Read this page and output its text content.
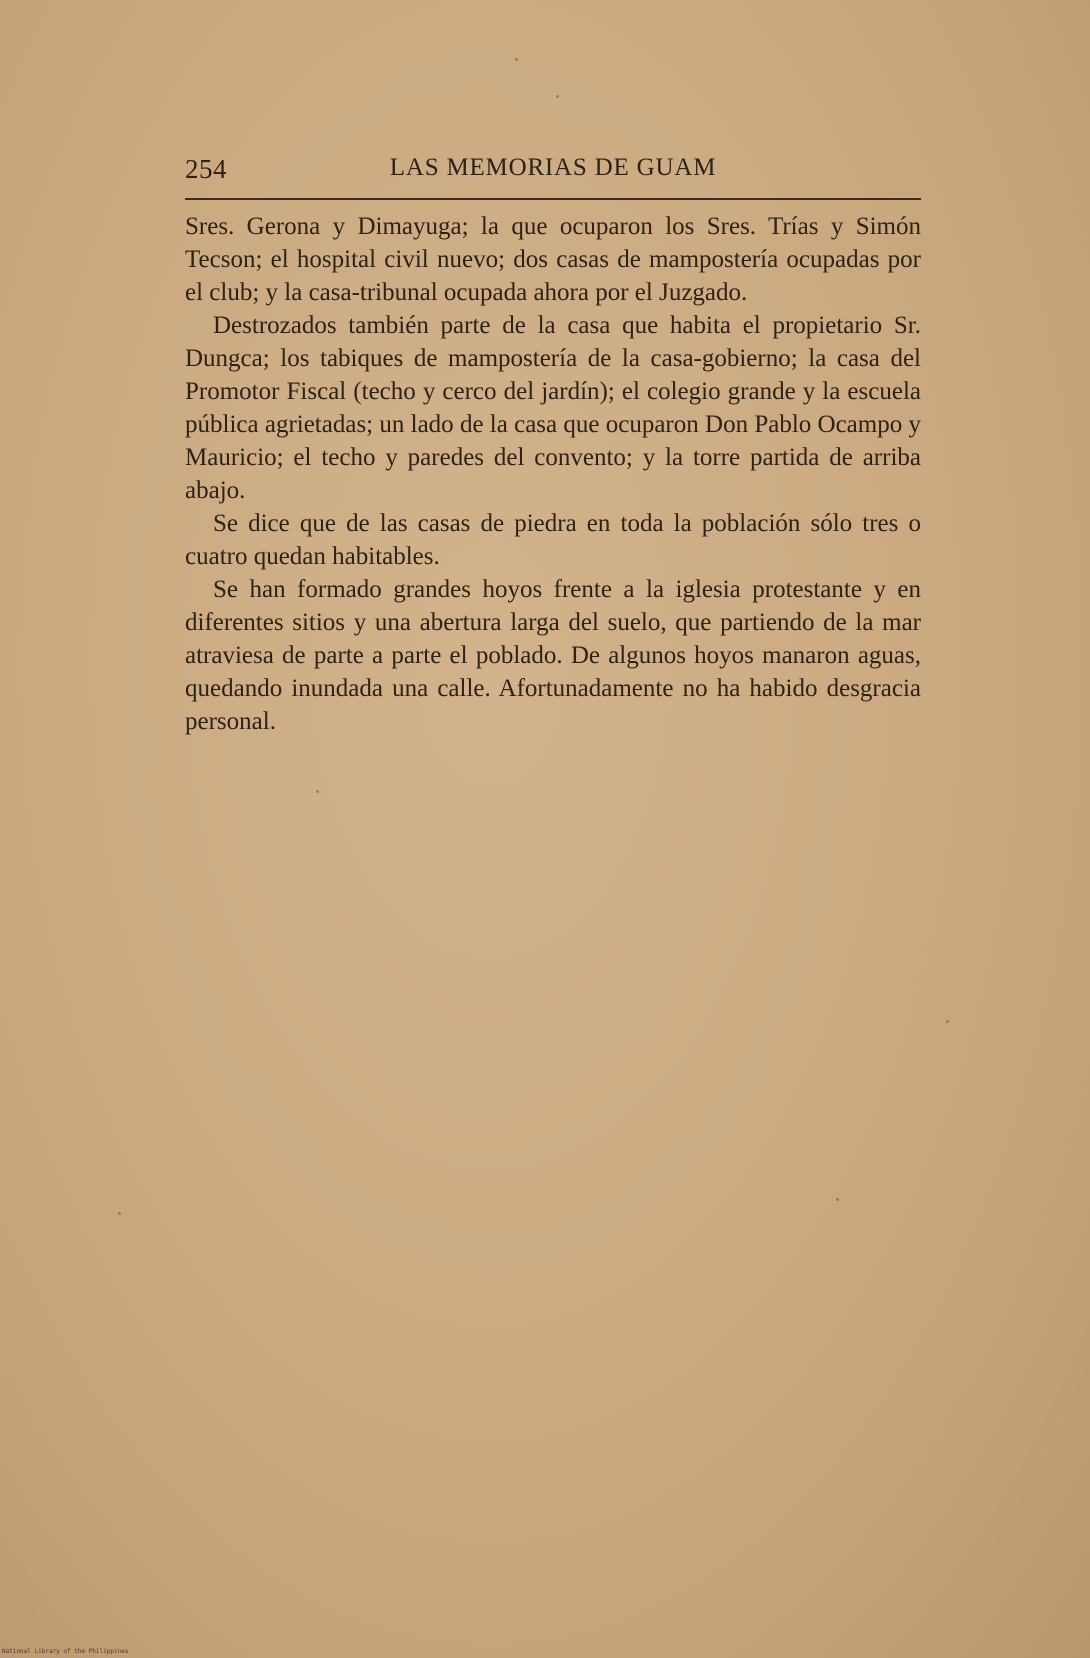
254	LAS MEMORIAS DE GUAM

Sres. Gerona y Dimayuga; la que ocuparon los Sres. Trías y Simón Tecson; el hospital civil nuevo; dos casas de mampostería ocupadas por el club; y la casa-tribunal ocupada ahora por el Juzgado.

Destrozados también parte de la casa que habita el propietario Sr. Dungca; los tabiques de mampostería de la casa-gobierno; la casa del Promotor Fiscal (techo y cerco del jardín); el colegio grande y la escuela pública agrietadas; un lado de la casa que ocuparon Don Pablo Ocampo y Mauricio; el techo y paredes del convento; y la torre partida de arriba abajo.

Se dice que de las casas de piedra en toda la población sólo tres o cuatro quedan habitables.

Se han formado grandes hoyos frente a la iglesia protestante y en diferentes sitios y una abertura larga del suelo, que partiendo de la mar atraviesa de parte a parte el poblado. De algunos hoyos manaron aguas, quedando inundada una calle. Afortunadamente no ha habido desgracia personal.

National Library of the Philippines
